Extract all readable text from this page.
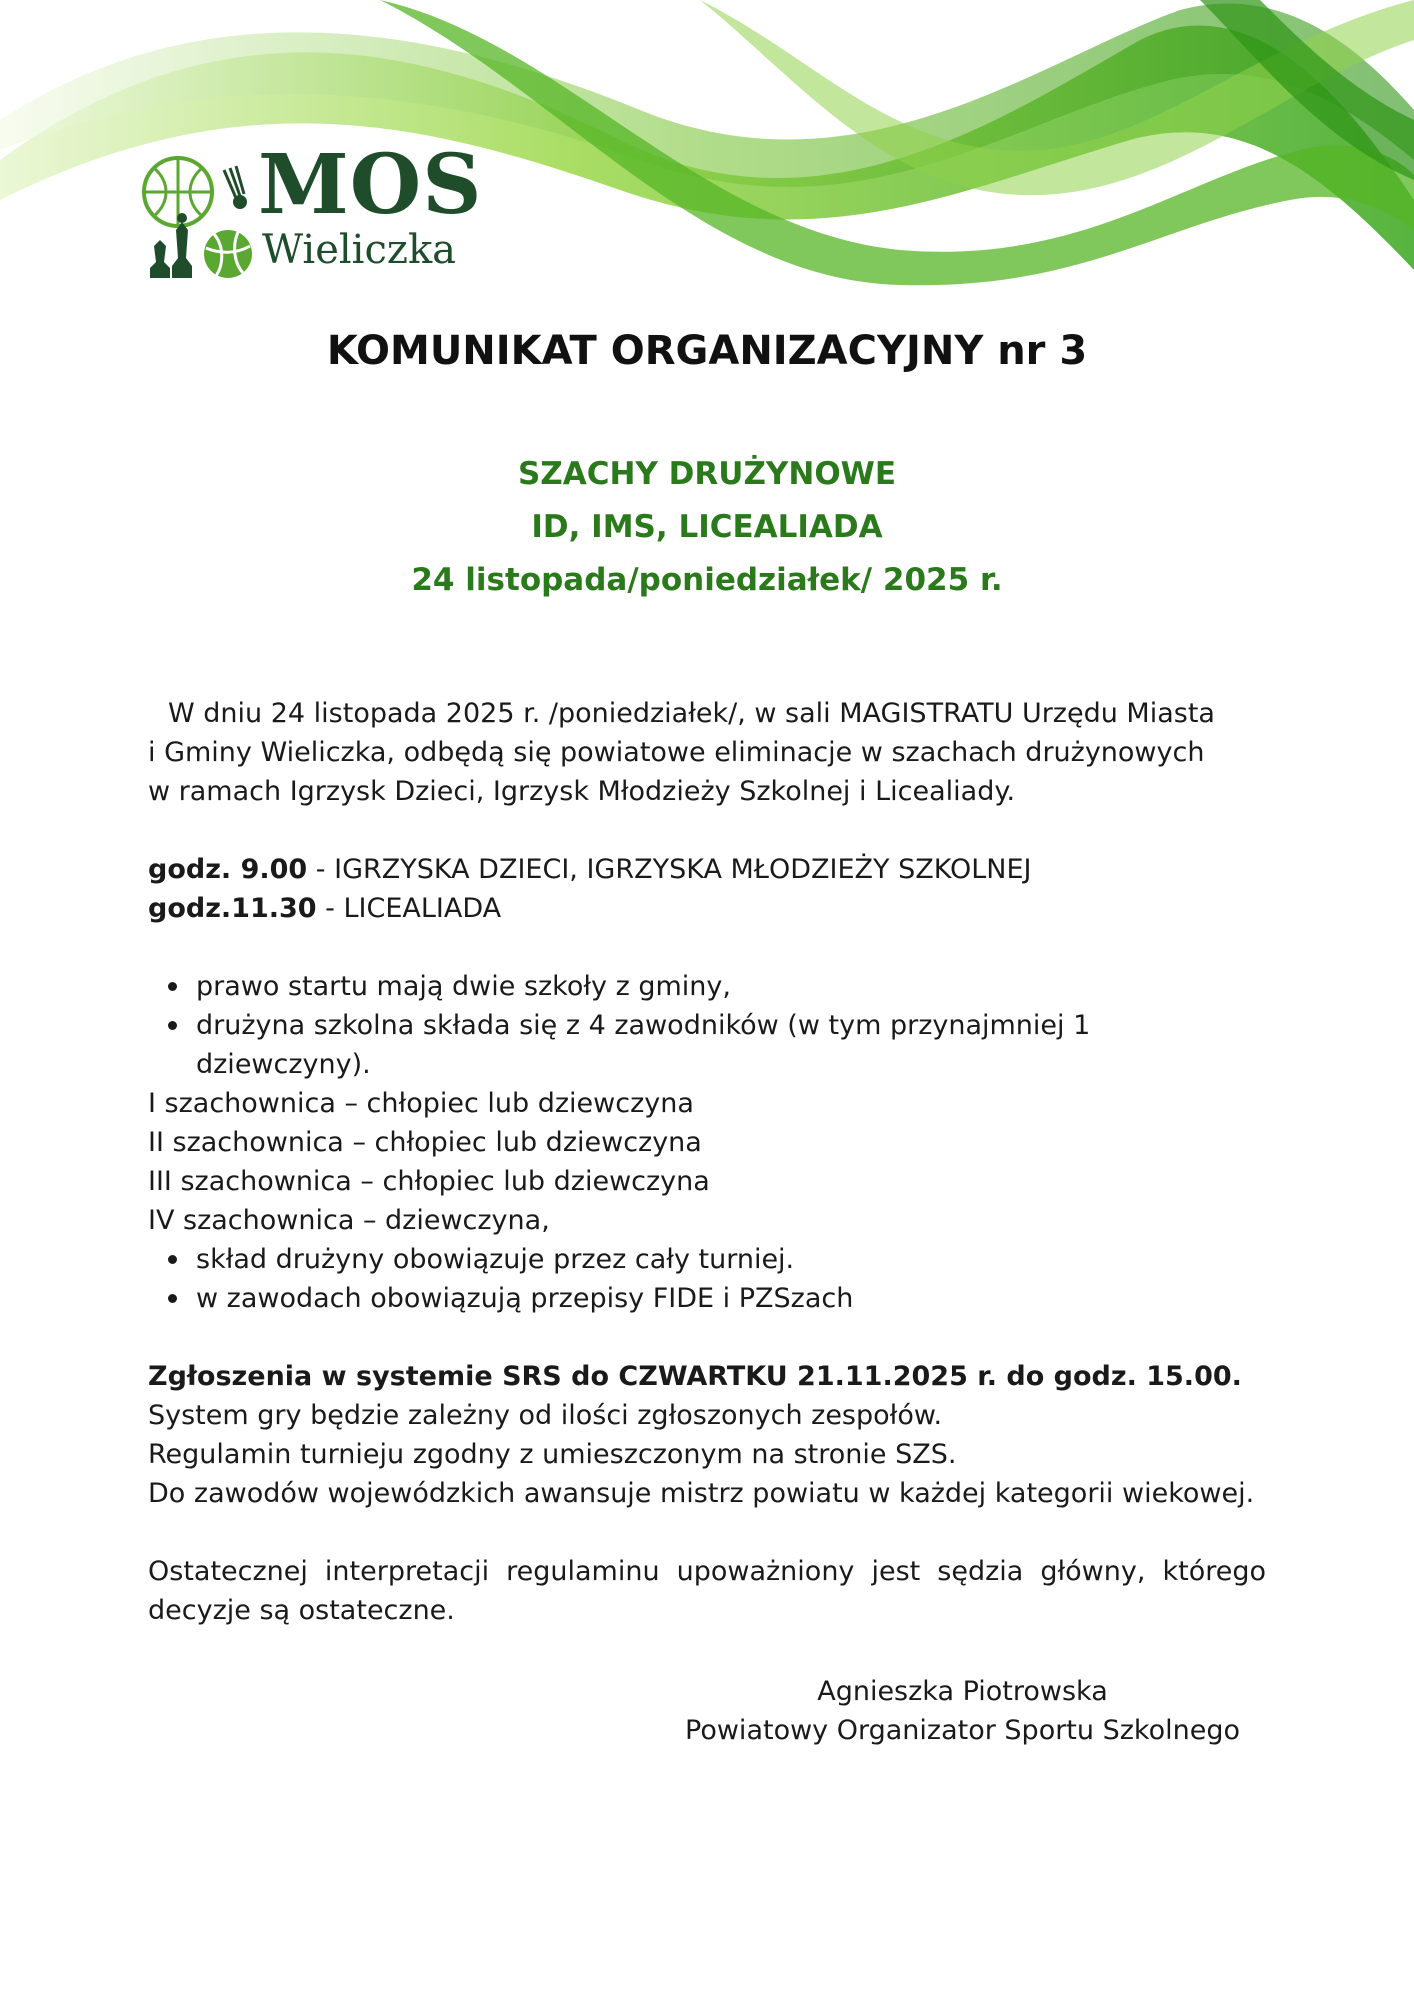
MOS
Wieliczka
KOMUNIKAT ORGANIZACYJNY nr 3

SZACHY DRUŻYNOWE

ID, IMS, LICEALIADA

24 listopada/poniedziałek/ 2025 r.

W dniu 24 listopada 2025 r. /poniedziałek/, w sali MAGISTRATU Urzędu Miasta

i Gminy Wieliczka, odbędą się powiatowe eliminacje w szachach drużynowych

w ramach Igrzysk Dzieci, Igrzysk Młodzieży Szkolnej i Licealiady.

godz. 9.00 - IGRZYSKA DZIECI, IGRZYSKA MŁODZIEŻY SZKOLNEJ

godz.11.30 - LICEALIADA

prawo startu mają dwie szkoły z gminy,
drużyna szkolna składa się z 4 zawodników (w tym przynajmniej 1 dziewczyny).

I szachownica – chłopiec lub dziewczyna

II szachownica – chłopiec lub dziewczyna

III szachownica – chłopiec lub dziewczyna

IV szachownica – dziewczyna,

skład drużyny obowiązuje przez cały turniej.
w zawodach obowiązują przepisy FIDE i PZSzach

Zgłoszenia w systemie SRS do CZWARTKU 21.11.2025 r. do godz. 15.00.

System gry będzie zależny od ilości zgłoszonych zespołów.

Regulamin turnieju zgodny z umieszczonym na stronie SZS.

Do zawodów wojewódzkich awansuje mistrz powiatu w każdej kategorii wiekowej.

Ostatecznej interpretacji regulaminu upoważniony jest sędzia główny, którego

decyzje są ostateczne.

Agnieszka Piotrowska

Powiatowy Organizator Sportu Szkolnego
